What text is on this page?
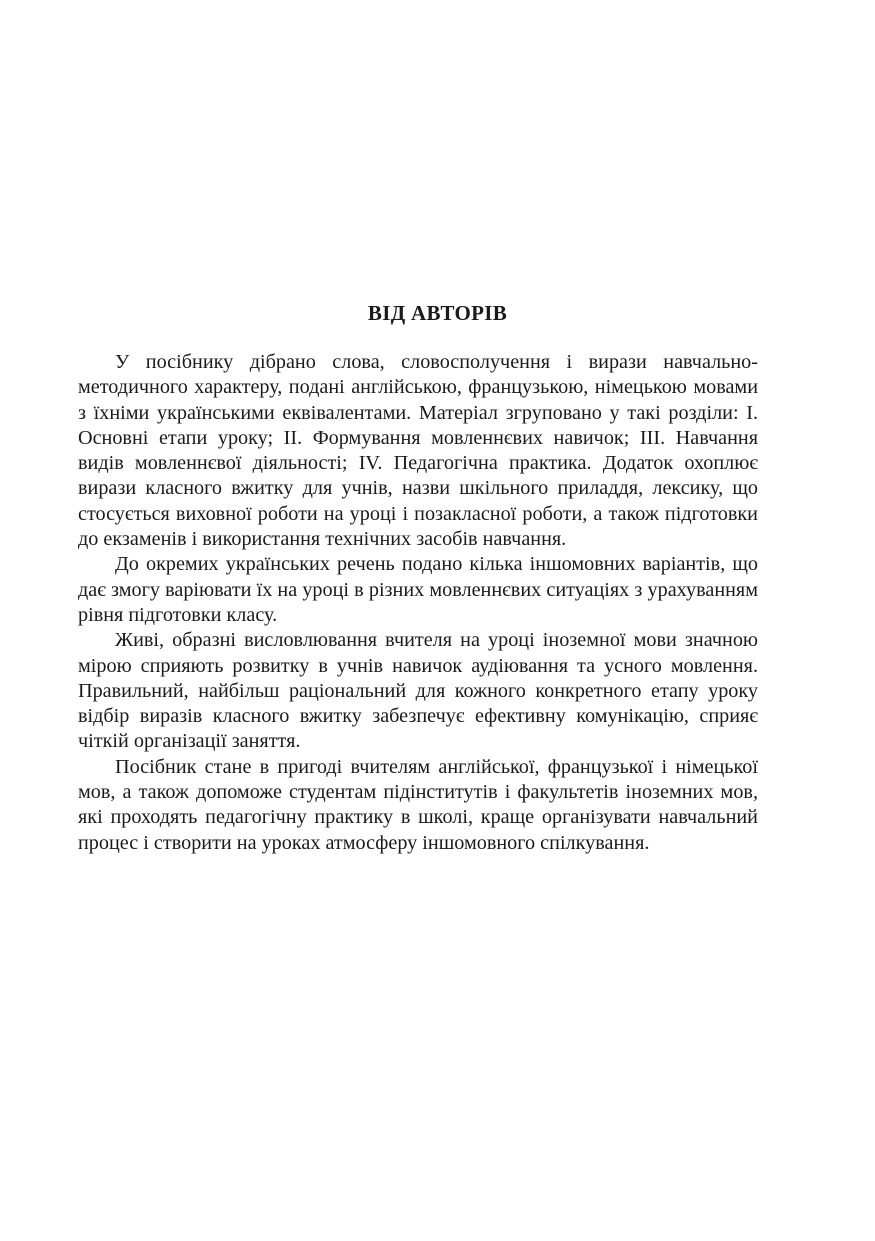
ВІД АВТОРІВ

У посібнику дібрано слова, словосполучення і вирази навчально-методичного характеру, подані англійською, французькою, німецькою мовами з їхніми українськими еквівалентами. Матеріал згруповано у такі розділи: I. Основні етапи уроку; II. Формування мовленнєвих навичок; III. Навчання видів мовленнєвої діяльності; IV. Педагогічна практика. Додаток охоплює вирази класного вжитку для учнів, назви шкільного приладдя, лексику, що стосується виховної роботи на уроці і позакласної роботи, а також підготовки до екзаменів і використання технічних засобів навчання.

До окремих українських речень подано кілька іншомовних варіантів, що дає змогу варіювати їх на уроці в різних мовленнєвих ситуаціях з урахуванням рівня підготовки класу.

Живі, образні висловлювання вчителя на уроці іноземної мови значною мірою сприяють розвитку в учнів навичок аудіювання та усного мовлення. Правильний, найбільш раціональний для кожного конкретного етапу уроку відбір виразів класного вжитку забезпечує ефективну комунікацію, сприяє чіткій організації заняття.

Посібник стане в пригоді вчителям англійської, французької і німецької мов, а також допоможе студентам підінститутів і факультетів іноземних мов, які проходять педагогічну практику в школі, краще організувати навчальний процес і створити на уроках атмосферу іншомовного спілкування.
